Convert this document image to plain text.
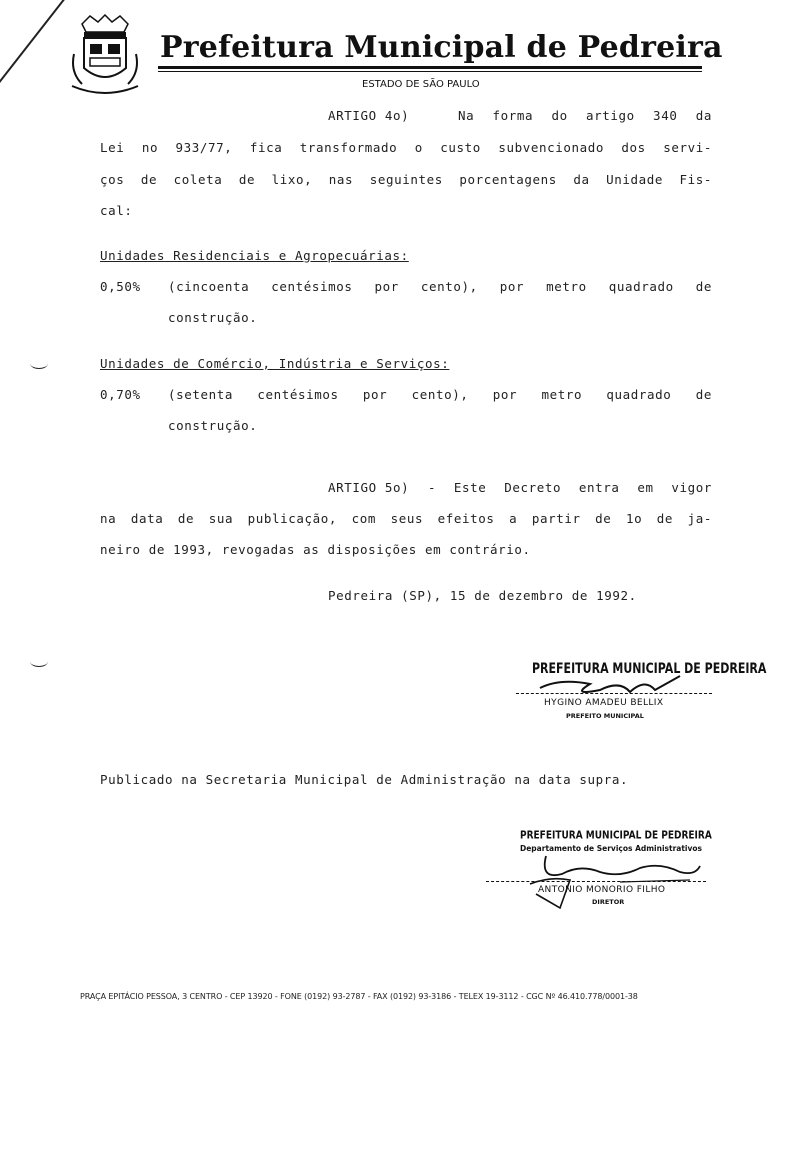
Prefeitura Municipal de Pedreira
ESTADO DE SÃO PAULO
ARTIGO 4o)	Na forma do artigo 340 da
Lei no 933/77, fica transformado o custo subvencionado dos servi-
ços de coleta de lixo, nas seguintes porcentagens da Unidade Fis-
cal:
Unidades Residenciais e Agropecuárias:
0,50% (cincoenta centésimos por cento), por metro quadrado de
construção.
Unidades de Comércio, Indústria e Serviços:
0,70% (setenta centésimos por cento), por metro quadrado de
construção.
ARTIGO 5o) - Este Decreto entra em vigor
na data de sua publicação, com seus efeitos a partir de 1o de ja-
neiro de 1993, revogadas as disposições em contrário.
Pedreira (SP), 15 de dezembro de 1992.
PREFEITURA MUNICIPAL DE PEDREIRA
HYGINO AMADEU BELLIX
PREFEITO MUNICIPAL
Publicado na Secretaria Municipal de Administração na data supra.
PREFEITURA MUNICIPAL DE PEDREIRA
Departamento de Serviços Administrativos
ANTONIO MONORIO FILHO
DIRETOR
PRAÇA EPITÁCIO PESSOA, 3 CENTRO - CEP 13920 - FONE (0192) 93-2787 - FAX (0192) 93-3186 - TELEX 19-3112 - CGC Nº 46.410.778/0001-38
